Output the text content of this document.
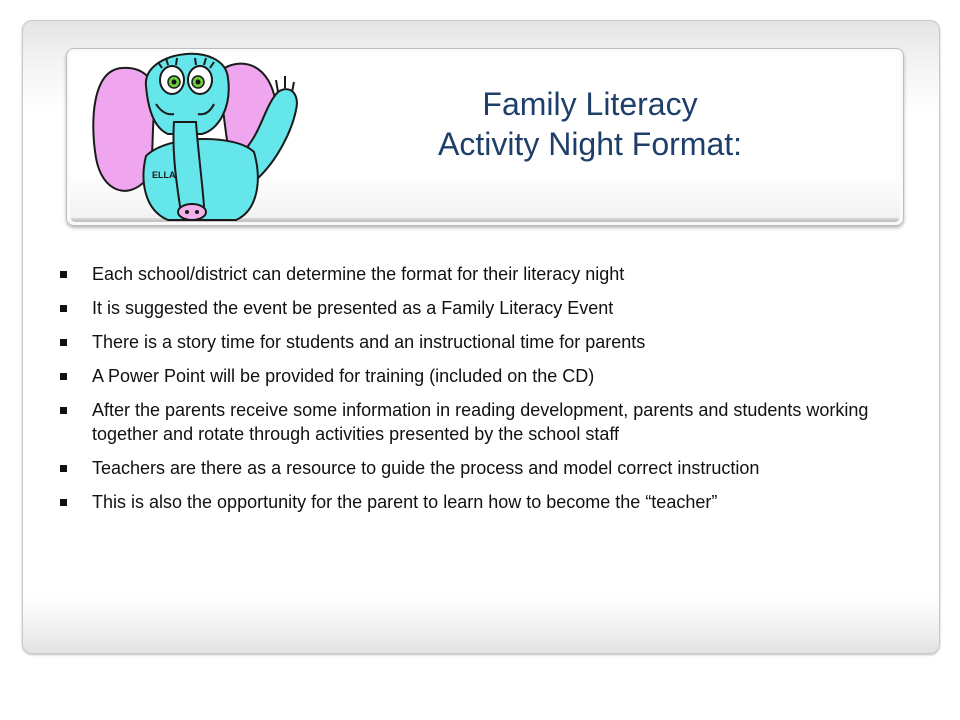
ELLA
Family Literacy
Activity Night Format:
Each school/district can determine the format for their literacy night
It is suggested the event be presented as a Family Literacy Event
There is a story time for students and an instructional time for parents
A Power Point will be provided for training (included on the CD)
After the parents receive some information in reading development, parents and students working together and rotate through activities presented by the school staff
Teachers are there as a resource to guide the process and model correct instruction
This is also the opportunity for the parent to learn how to become the “teacher”
